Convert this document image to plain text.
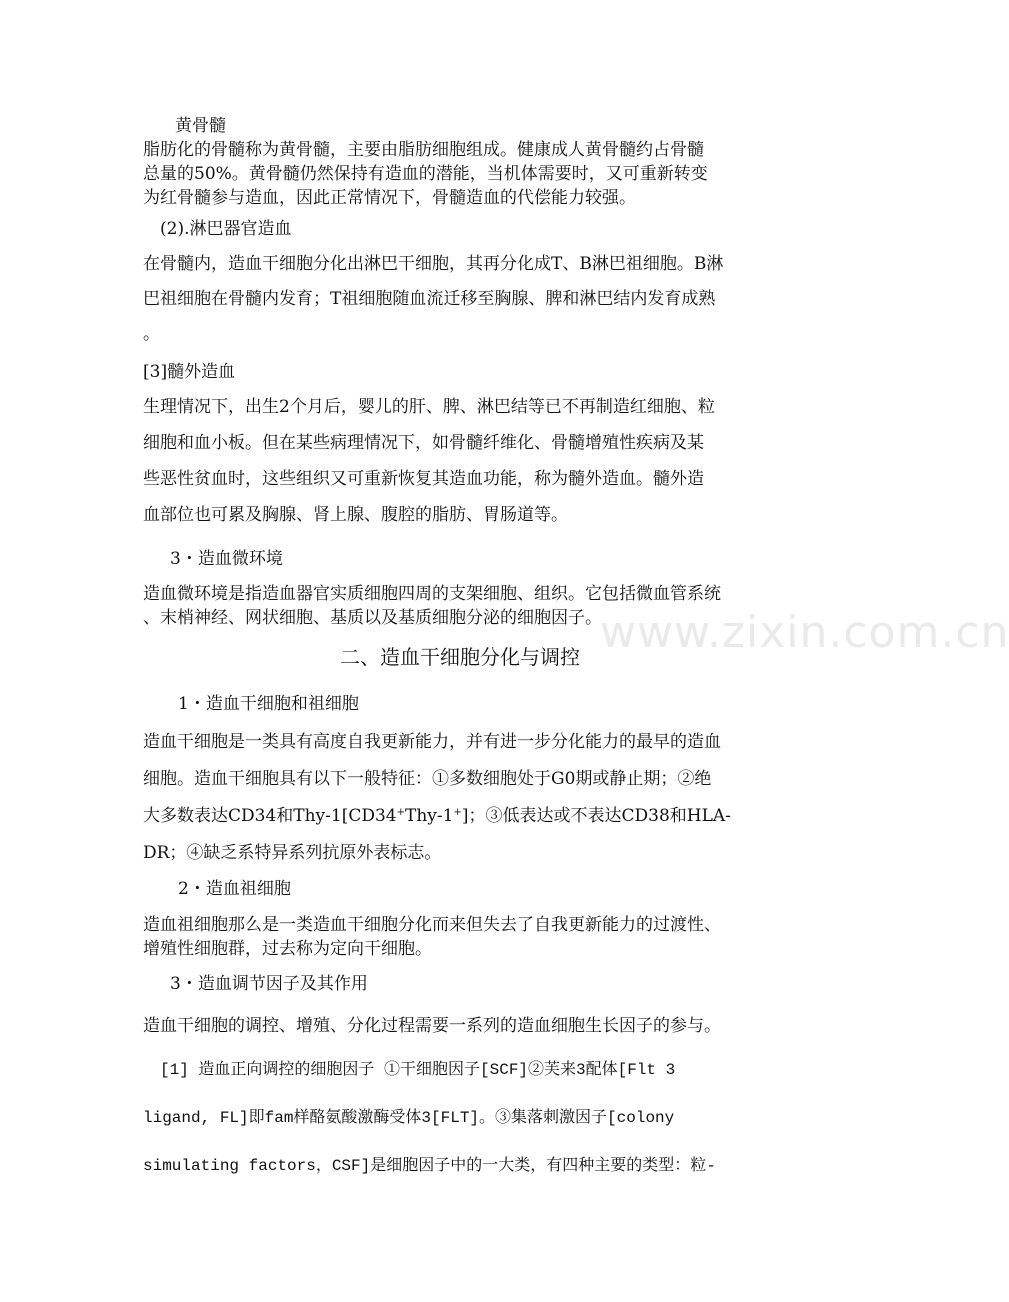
黄骨髓
脂肪化的骨髓称为黄骨髓，主要由脂肪细胞组成。健康成人黄骨髓约占骨髓
总量的50%。黄骨髓仍然保持有造血的潜能，当机体需要时，又可重新转变
为红骨髓参与造血，因此正常情况下，骨髓造血的代偿能力较强。
(2).淋巴器官造血
在骨髓内，造血干细胞分化出淋巴干细胞，其再分化成T、B淋巴祖细胞。B淋
巴祖细胞在骨髓内发育；T祖细胞随血流迁移至胸腺、脾和淋巴结内发育成熟
。
[3]髓外造血
生理情况下，出生2个月后，婴儿的肝、脾、淋巴结等已不再制造红细胞、粒
细胞和血小板。但在某些病理情况下，如骨髓纤维化、骨髓增殖性疾病及某
些恶性贫血时，这些组织又可重新恢复其造血功能，称为髓外造血。髓外造
血部位也可累及胸腺、肾上腺、腹腔的脂肪、胃肠道等。
3・造血微环境
造血微环境是指造血器官实质细胞四周的支架细胞、组织。它包括微血管系统
、末梢神经、网状细胞、基质以及基质细胞分泌的细胞因子。
www.zixin.com.cn
二、造血干细胞分化与调控
1・造血干细胞和祖细胞
造血干细胞是一类具有高度自我更新能力，并有进一步分化能力的最早的造血
细胞。造血干细胞具有以下一般特征：①多数细胞处于G0期或静止期；②绝
大多数表达CD34和Thy-1[CD34+Thy-1+]；③低表达或不表达CD38和HLA-
DR；④缺乏系特异系列抗原外表标志。
2・造血祖细胞
造血祖细胞那么是一类造血干细胞分化而来但失去了自我更新能力的过渡性、
增殖性细胞群，过去称为定向干细胞。
3・造血调节因子及其作用
造血干细胞的调控、增殖、分化过程需要一系列的造血细胞生长因子的参与。
[1] 造血正向调控的细胞因子 ①干细胞因子[SCF]②芙来3配体[Flt 3
ligand, FL]即fam样酪氨酸激酶受体3[FLT]。③集落刺激因子[colony
simulating factors，CSF]是细胞因子中的一大类，有四种主要的类型：粒-
